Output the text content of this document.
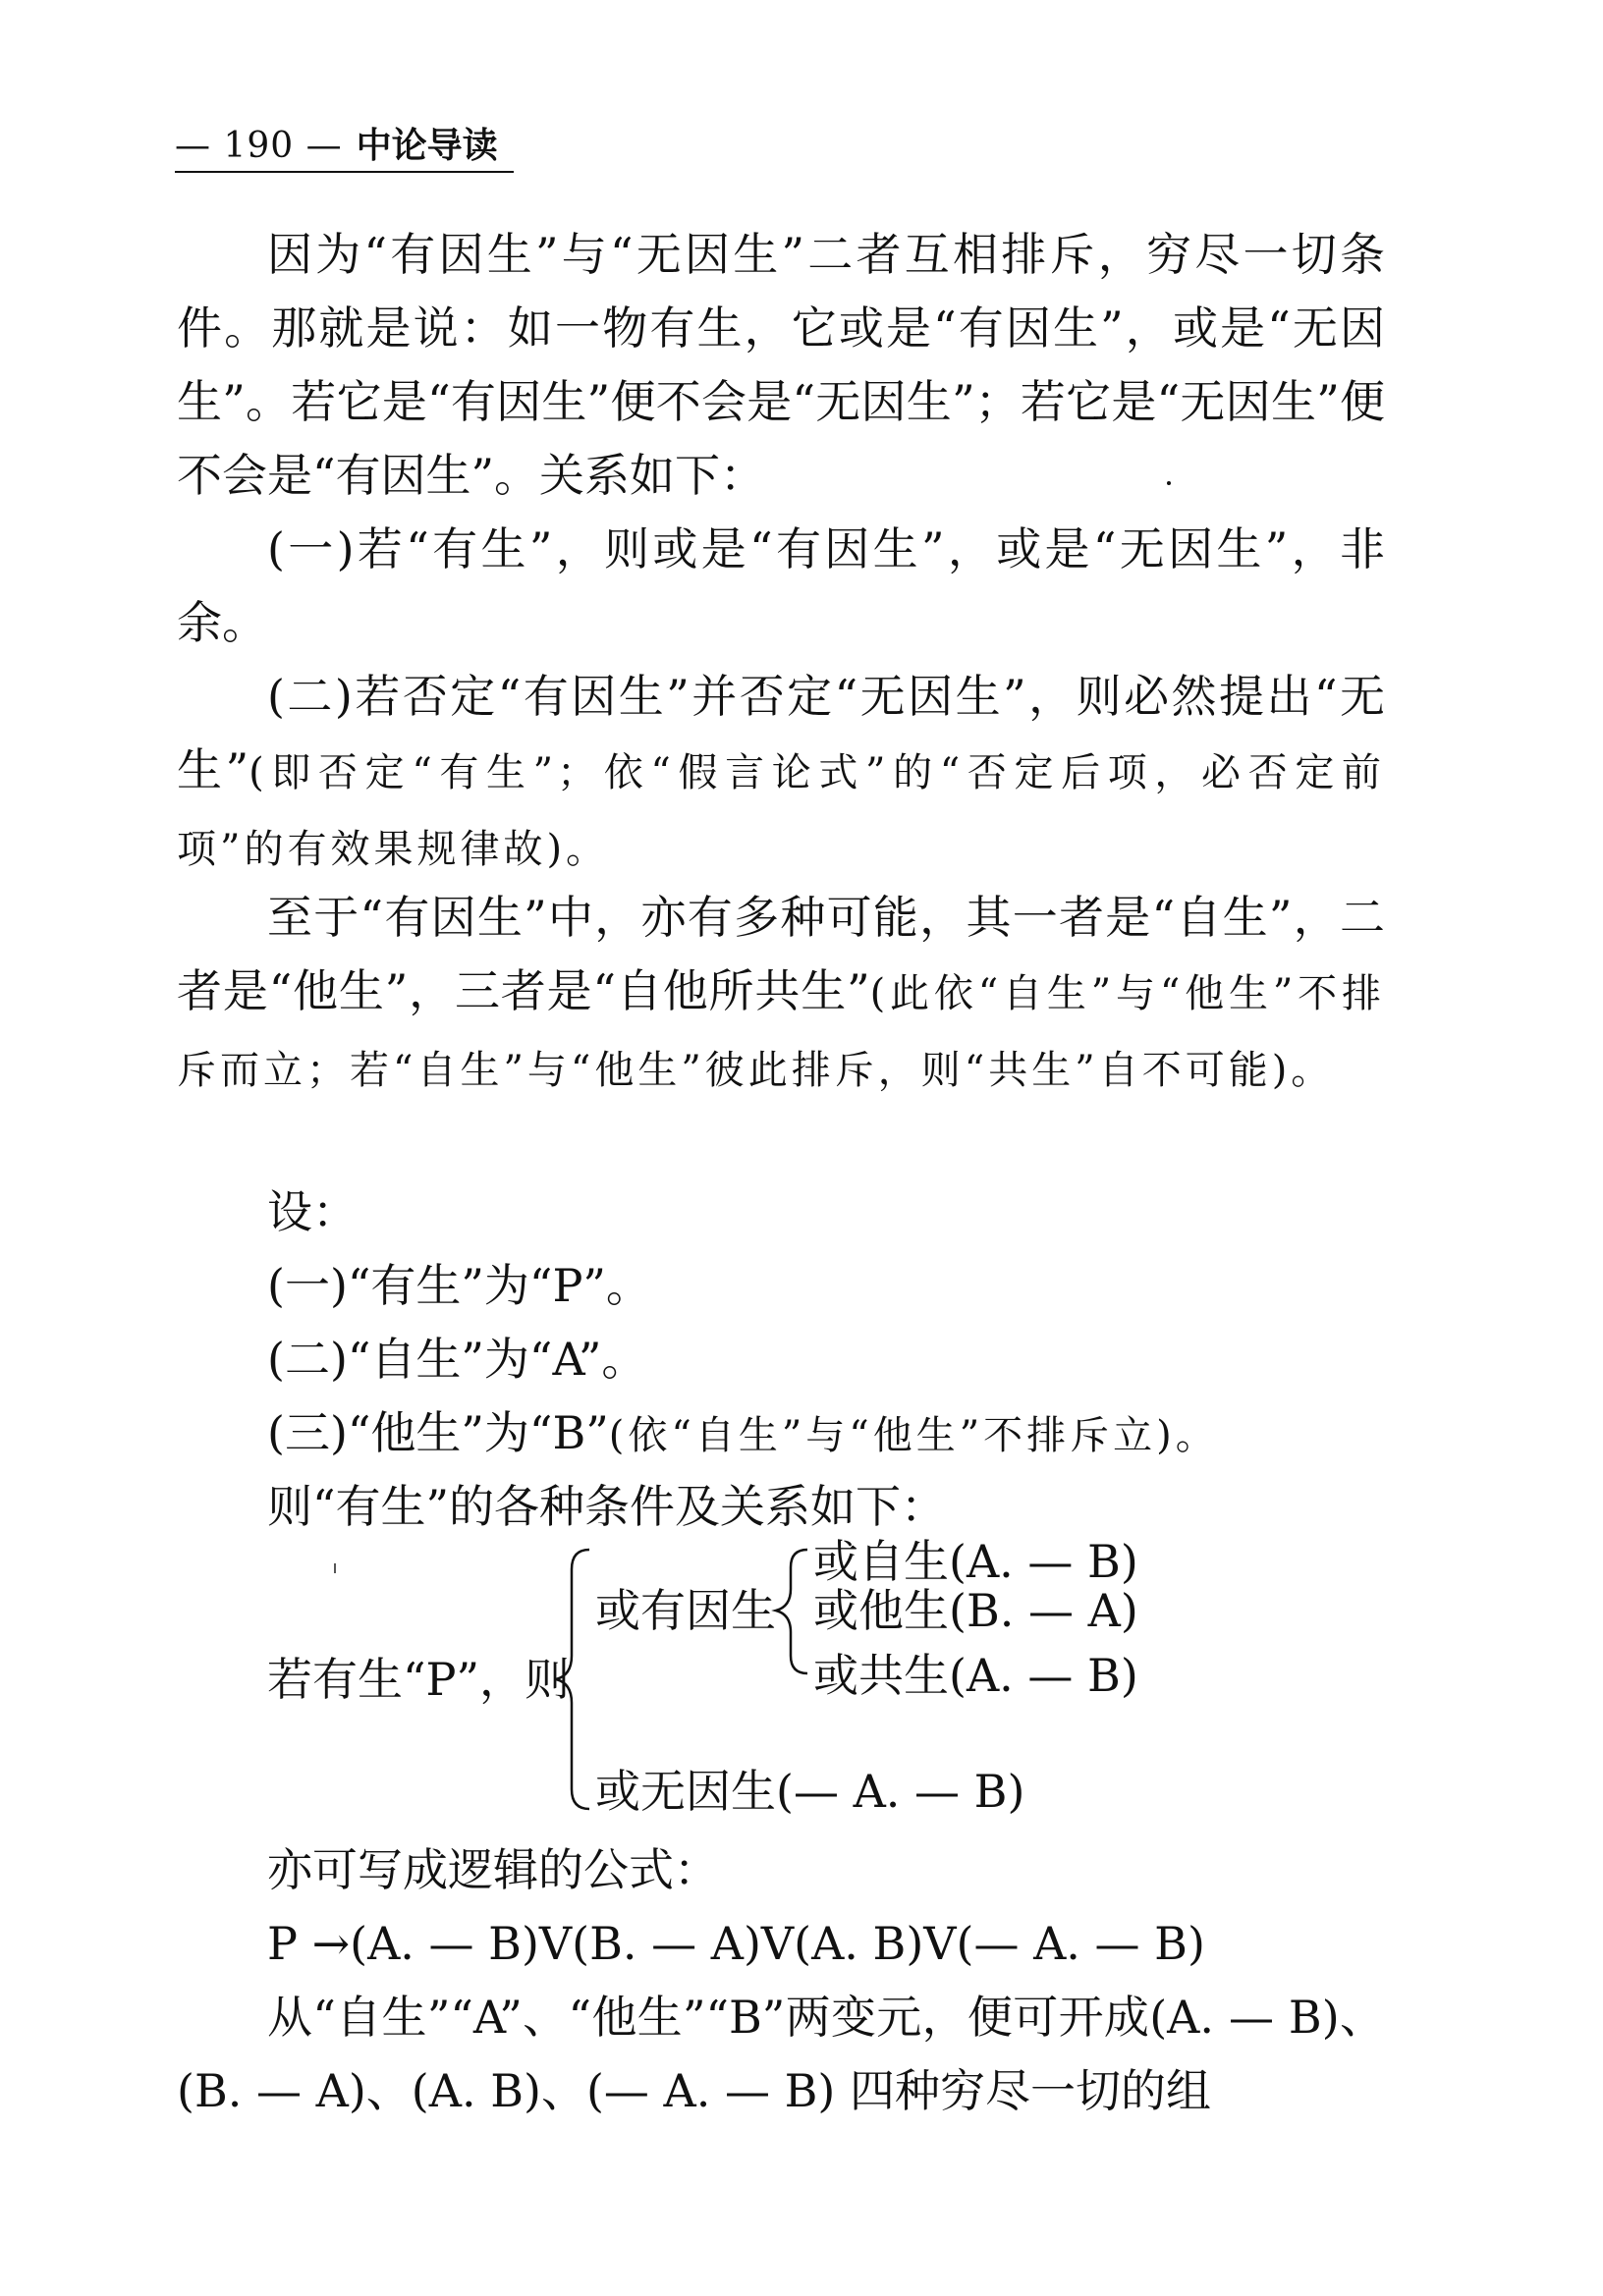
— 190 — 中论导读

因为“有因生”与“无因生”二者互相排斥，穷尽一切条件。那就是说：如一物有生，它或是“有因生”，或是“无因生”。若它是“有因生”便不会是“无因生”；若它是“无因生”便不会是“有因生”。关系如下：

(一)若“有生”，则或是“有因生”，或是“无因生”，非余。

(二)若否定“有因生”并否定“无因生”，则必然提出“无生”(即否定“有生”；依“假言论式”的“否定后项，必否定前项”的有效果规律故)。

至于“有因生”中，亦有多种可能，其一者是“自生”，二者是“他生”，三者是“自他所共生”(此依“自生”与“他生”不排斥而立；若“自生”与“他生”彼此排斥，则“共生”自不可能)。

设：

(一)“有生”为“P”。

(二)“自生”为“A”。

(三)“他生”为“B”(依“自生”与“他生”不排斥立)。

则“有生”的各种条件及关系如下：

若有生“P”，则
或有因生
或自生(A. — B)
或他生(B. — A)
或共生(A. — B)
或无因生(— A. — B)

亦可写成逻辑的公式：

P →(A. — B)V(B. — A)V(A. B)V(— A. — B)

从“自生”“A”、“他生”“B”两变元，便可开成(A. — B)、(B. — A)、(A. B)、(— A. — B) 四种穷尽一切的组
